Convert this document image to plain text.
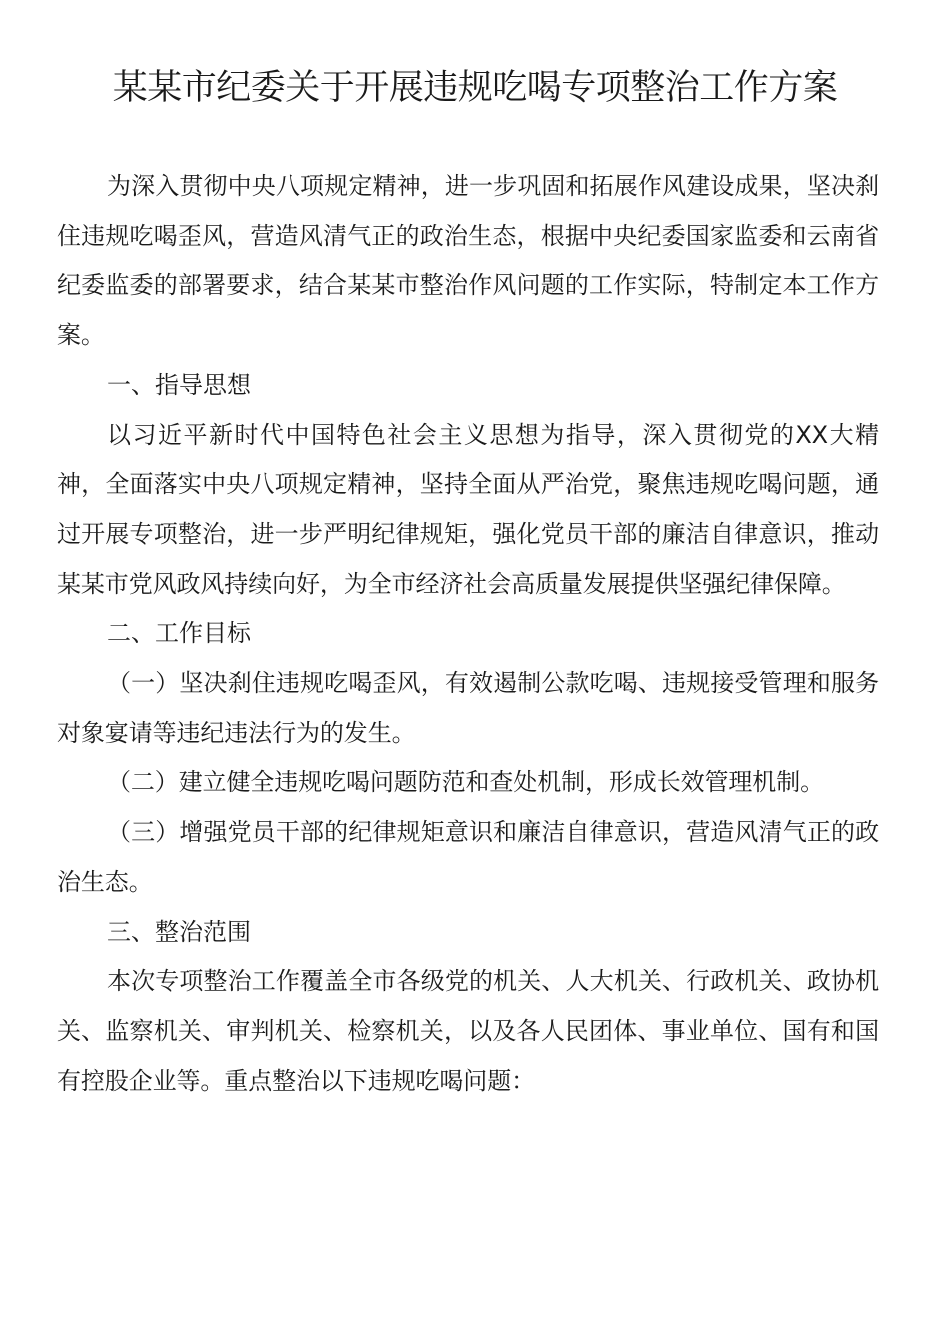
某某市纪委关于开展违规吃喝专项整治工作方案

为深入贯彻中央八项规定精神，进一步巩固和拓展作风建设成果，坚决刹住违规吃喝歪风，营造风清气正的政治生态，根据中央纪委国家监委和云南省纪委监委的部署要求，结合某某市整治作风问题的工作实际，特制定本工作方案。

一、指导思想

以习近平新时代中国特色社会主义思想为指导，深入贯彻党的XX大精神，全面落实中央八项规定精神，坚持全面从严治党，聚焦违规吃喝问题，通过开展专项整治，进一步严明纪律规矩，强化党员干部的廉洁自律意识，推动某某市党风政风持续向好，为全市经济社会高质量发展提供坚强纪律保障。

二、工作目标

（一）坚决刹住违规吃喝歪风，有效遏制公款吃喝、违规接受管理和服务对象宴请等违纪违法行为的发生。

（二）建立健全违规吃喝问题防范和查处机制，形成长效管理机制。

（三）增强党员干部的纪律规矩意识和廉洁自律意识，营造风清气正的政治生态。

三、整治范围

本次专项整治工作覆盖全市各级党的机关、人大机关、行政机关、政协机关、监察机关、审判机关、检察机关，以及各人民团体、事业单位、国有和国有控股企业等。重点整治以下违规吃喝问题：
